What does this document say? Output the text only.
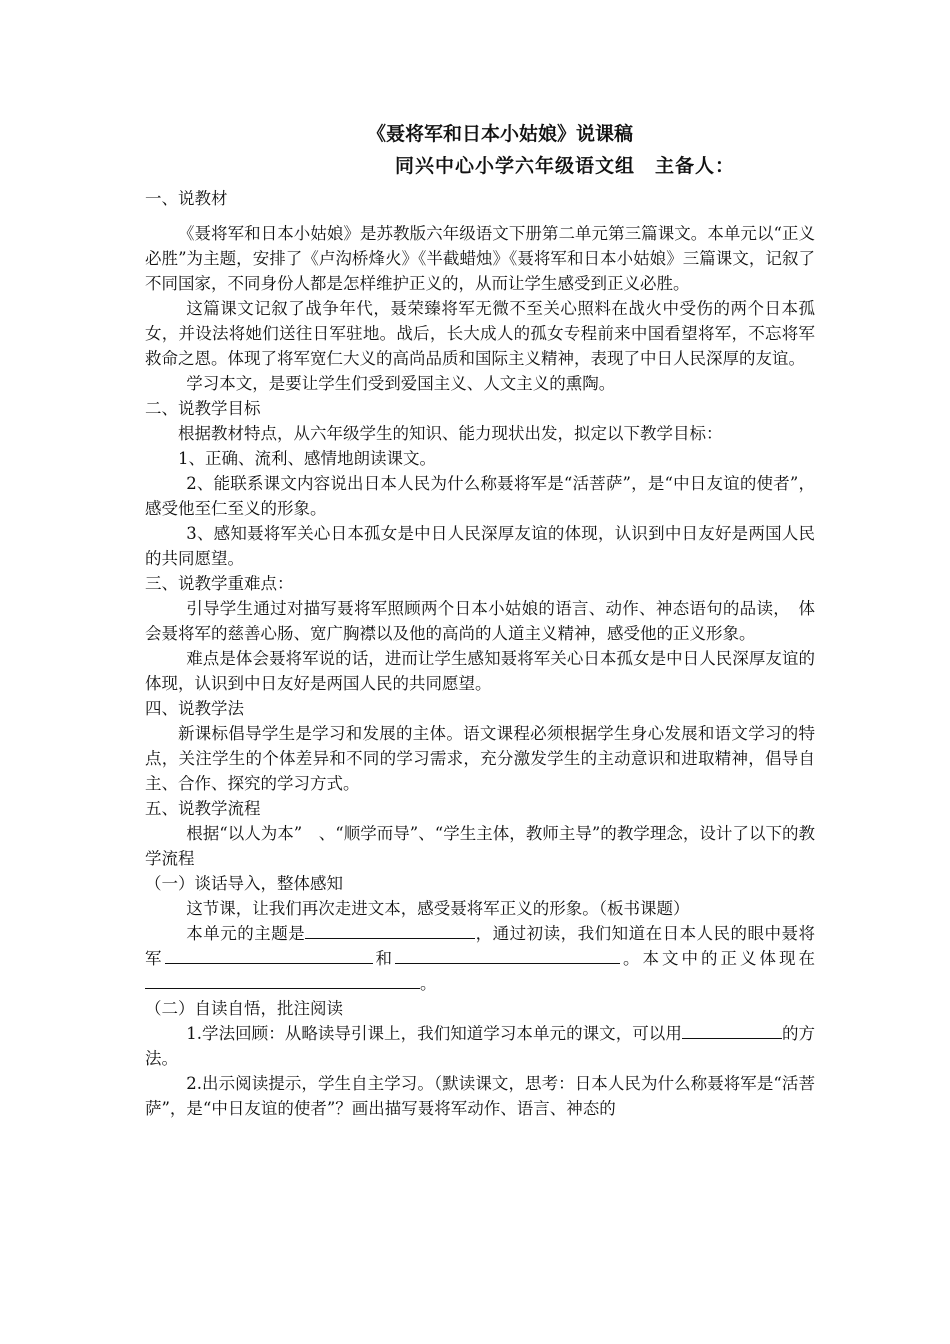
《聂将军和日本小姑娘》说课稿
同兴中心小学六年级语文组　主备人：

一、说教材

《聂将军和日本小姑娘》是苏教版六年级语文下册第二单元第三篇课文。本单元以“正义必胜”为主题，安排了《卢沟桥烽火》《半截蜡烛》《聂将军和日本小姑娘》三篇课文，记叙了不同国家，不同身份人都是怎样维护正义的，从而让学生感受到正义必胜。

这篇课文记叙了战争年代，聂荣臻将军无微不至关心照料在战火中受伤的两个日本孤女，并设法将她们送往日军驻地。战后，长大成人的孤女专程前来中国看望将军，不忘将军救命之恩。体现了将军宽仁大义的高尚品质和国际主义精神，表现了中日人民深厚的友谊。

学习本文，是要让学生们受到爱国主义、人文主义的熏陶。

二、说教学目标

根据教材特点，从六年级学生的知识、能力现状出发，拟定以下教学目标：

1、正确、流利、感情地朗读课文。

2、能联系课文内容说出日本人民为什么称聂将军是“活菩萨”，是“中日友谊的使者”，感受他至仁至义的形象。

3、感知聂将军关心日本孤女是中日人民深厚友谊的体现，认识到中日友好是两国人民的共同愿望。

三、说教学重难点：

引导学生通过对描写聂将军照顾两个日本小姑娘的语言、动作、神态语句的品读，　体会聂将军的慈善心肠、宽广胸襟以及他的高尚的人道主义精神，感受他的正义形象。

难点是体会聂将军说的话，进而让学生感知聂将军关心日本孤女是中日人民深厚友谊的体现，认识到中日友好是两国人民的共同愿望。

四、说教学法

新课标倡导学生是学习和发展的主体。语文课程必须根据学生身心发展和语文学习的特点，关注学生的个体差异和不同的学习需求，充分激发学生的主动意识和进取精神，倡导自主、合作、探究的学习方式。

五、说教学流程

根据“以人为本”　、“顺学而导”、“学生主体，教师主导”的教学理念，设计了以下的教学流程

（一）谈话导入，整体感知

这节课，让我们再次走进文本，感受聂将军正义的形象。（板书课题）

本单元的主题是	，通过初读，我们知道在日本人民的眼中聂将军	和	。本文中的正义体现在。

（二）自读自悟，批注阅读

1.学法回顾：从略读导引课上，我们知道学习本单元的课文，可以用	的方法。

2.出示阅读提示，学生自主学习。（默读课文，思考：日本人民为什么称聂将军是“活菩萨”，是“中日友谊的使者”？画出描写聂将军动作、语言、神态的
